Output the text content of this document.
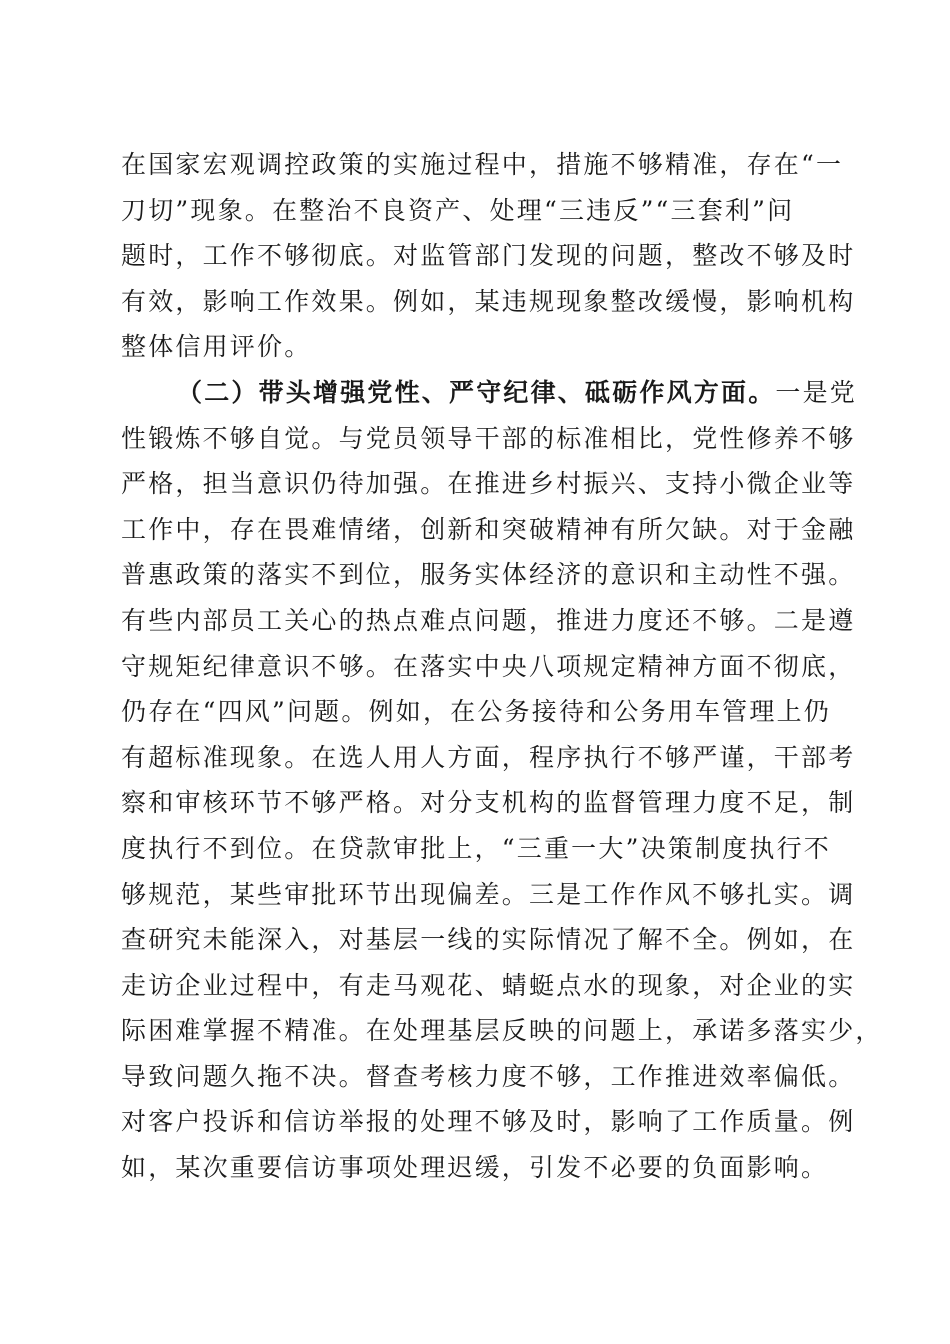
在国家宏观调控政策的实施过程中，措施不够精准，存在“一
刀切”现象。在整治不良资产、处理“三违反”“三套利”问
题时，工作不够彻底。对监管部门发现的问题，整改不够及时
有效，影响工作效果。例如，某违规现象整改缓慢，影响机构
整体信用评价。
（二）带头增强党性、严守纪律、砥砺作风方面。一是党
性锻炼不够自觉。与党员领导干部的标准相比，党性修养不够
严格，担当意识仍待加强。在推进乡村振兴、支持小微企业等
工作中，存在畏难情绪，创新和突破精神有所欠缺。对于金融
普惠政策的落实不到位，服务实体经济的意识和主动性不强。
有些内部员工关心的热点难点问题，推进力度还不够。二是遵
守规矩纪律意识不够。在落实中央八项规定精神方面不彻底，
仍存在“四风”问题。例如，在公务接待和公务用车管理上仍
有超标准现象。在选人用人方面，程序执行不够严谨，干部考
察和审核环节不够严格。对分支机构的监督管理力度不足，制
度执行不到位。在贷款审批上，“三重一大”决策制度执行不
够规范，某些审批环节出现偏差。三是工作作风不够扎实。调
查研究未能深入，对基层一线的实际情况了解不全。例如，在
走访企业过程中，有走马观花、蜻蜓点水的现象，对企业的实
际困难掌握不精准。在处理基层反映的问题上，承诺多落实少，
导致问题久拖不决。督查考核力度不够，工作推进效率偏低。
对客户投诉和信访举报的处理不够及时，影响了工作质量。例
如，某次重要信访事项处理迟缓，引发不必要的负面影响。
